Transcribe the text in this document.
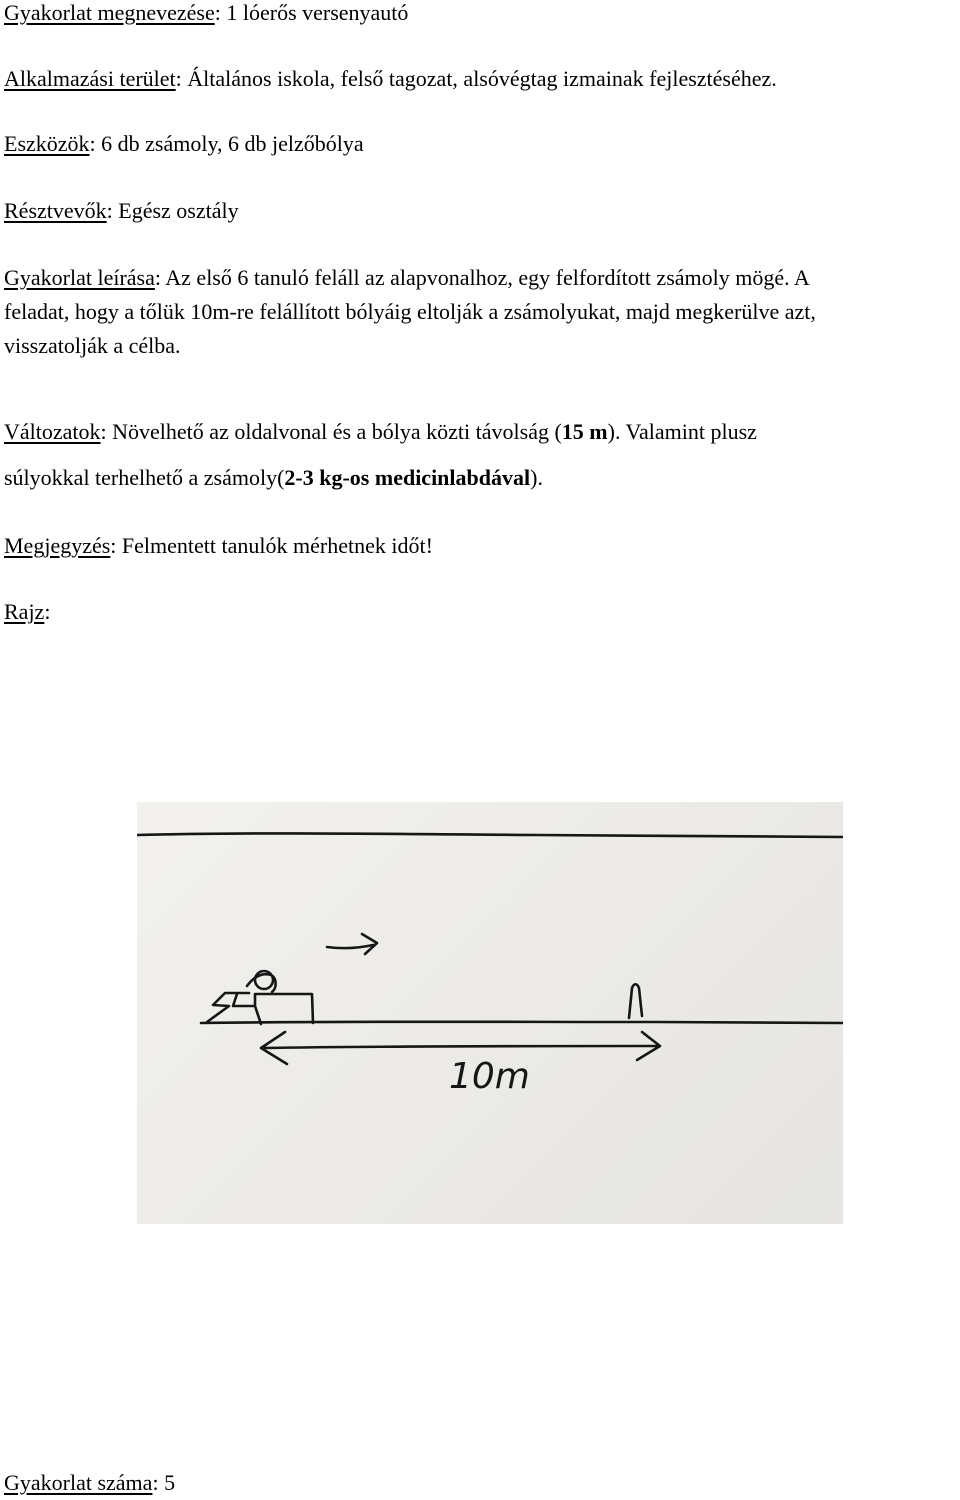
Gyakorlat megnevezése: 1 lóerős versenyautó
Alkalmazási terület: Általános iskola, felső tagozat, alsóvégtag izmainak fejlesztéséhez.
Eszközök: 6 db zsámoly, 6 db jelzőbólya
Résztvevők: Egész osztály
Gyakorlat leírása: Az első 6 tanuló feláll az alapvonalhoz, egy felfordított zsámoly mögé. A
feladat, hogy a tőlük 10m-re felállított bólyáig eltolják a zsámolyukat, majd megkerülve azt,
visszatolják a célba.
Változatok: Növelhető az oldalvonal és a bólya közti távolság (15 m). Valamint plusz
súlyokkal terhelhető a zsámoly(2-3 kg-os medicinlabdával).
Megjegyzés: Felmentett tanulók mérhetnek időt!
Rajz:
10m
Gyakorlat száma: 5
